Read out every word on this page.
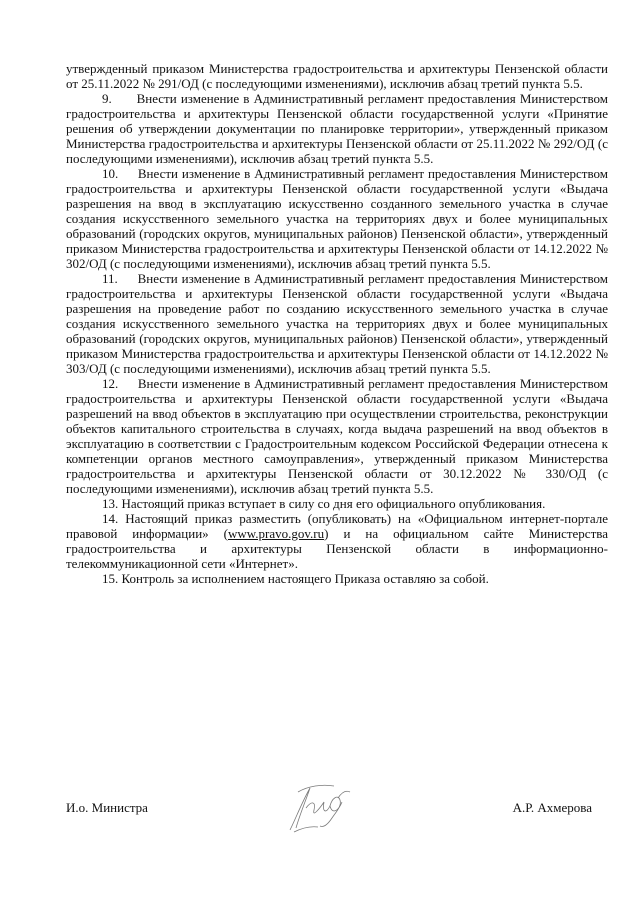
утвержденный приказом Министерства градостроительства и архитектуры Пензенской области от 25.11.2022 № 291/ОД (с последующими изменениями), исключив абзац третий пункта 5.5.

9.      Внести изменение в Административный регламент предоставления Министерством градостроительства и архитектуры Пензенской области государственной услуги «Принятие решения об утверждении документации по планировке территории», утвержденный приказом Министерства градостроительства и архитектуры Пензенской области от 25.11.2022 № 292/ОД (с последующими изменениями), исключив абзац третий пункта 5.5.

10.     Внести изменение в Административный регламент предоставления Министерством градостроительства и архитектуры Пензенской области государственной услуги «Выдача разрешения на ввод в эксплуатацию искусственно созданного земельного участка в случае создания искусственного земельного участка на территориях двух и более муниципальных образований (городских округов, муниципальных районов) Пензенской области», утвержденный приказом Министерства градостроительства и архитектуры Пензенской области от 14.12.2022 № 302/ОД (с последующими изменениями), исключив абзац третий пункта 5.5.

11.     Внести изменение в Административный регламент предоставления Министерством градостроительства и архитектуры Пензенской области государственной услуги «Выдача разрешения на проведение работ по созданию искусственного земельного участка в случае создания искусственного земельного участка на территориях двух и более муниципальных образований (городских округов, муниципальных районов) Пензенской области», утвержденный приказом Министерства градостроительства и архитектуры Пензенской области от 14.12.2022 № 303/ОД (с последующими изменениями), исключив абзац третий пункта 5.5.

12.     Внести изменение в Административный регламент предоставления Министерством градостроительства и архитектуры Пензенской области государственной услуги «Выдача разрешений на ввод объектов в эксплуатацию при осуществлении строительства, реконструкции объектов капитального строительства в случаях, когда выдача разрешений на ввод объектов в эксплуатацию в соответствии с Градостроительным кодексом Российской Федерации отнесена к компетенции органов местного самоуправления», утвержденный приказом Министерства градостроительства и архитектуры Пензенской области от 30.12.2022 № 330/ОД (с последующими изменениями), исключив абзац третий пункта 5.5.

13. Настоящий приказ вступает в силу со дня его официального опубликования.

14. Настоящий приказ разместить (опубликовать) на «Официальном интернет-портале правовой информации» (www.pravo.gov.ru) и на официальном сайте Министерства градостроительства и архитектуры Пензенской области в информационно-телекоммуникационной сети «Интернет».

15. Контроль за исполнением настоящего Приказа оставляю за собой.

И.о. Министра	А.Р. Ахмерова
